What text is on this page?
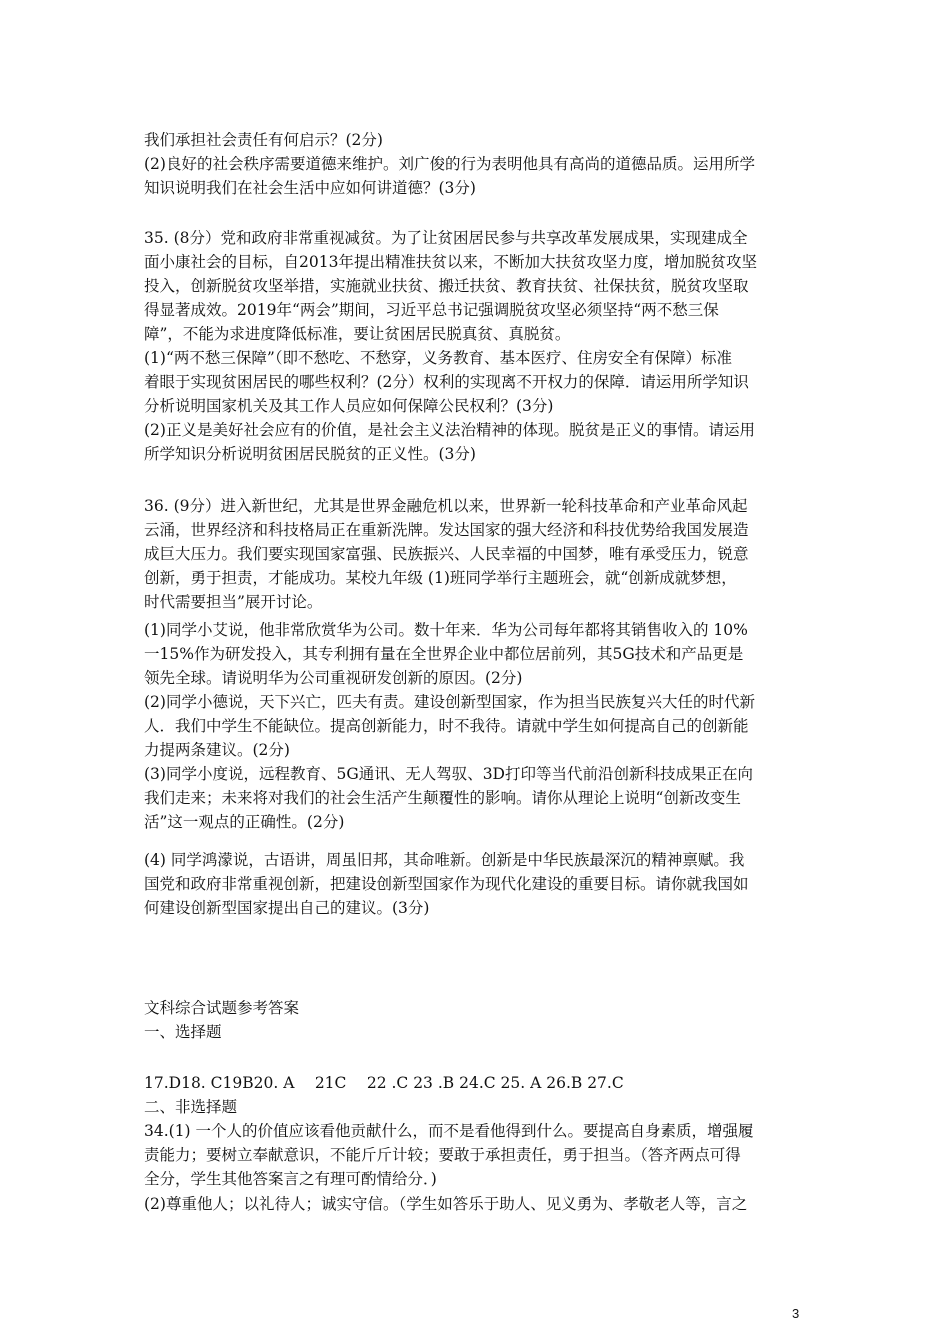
我们承担社会责任有何启示？(2分)
(2)良好的社会秩序需要道德来维护。刘广俊的行为表明他具有高尚的道德品质。运用所学
知识说明我们在社会生活中应如何讲道德？(3分)
35. (8分）党和政府非常重视减贫。为了让贫困居民参与共享改革发展成果，实现建成全
面小康社会的目标，自2013年提出精准扶贫以来，不断加大扶贫攻坚力度，增加脱贫攻坚
投入，创新脱贫攻坚举措，实施就业扶贫、搬迁扶贫、教育扶贫、社保扶贫，脱贫攻坚取
得显著成效。2019年“两会”期间，习近平总书记强调脱贫攻坚必须坚持“两不愁三保
障”，不能为求进度降低标准，要让贫困居民脱真贫、真脱贫。
(1)“两不愁三保障”（即不愁吃、不愁穿，义务教育、基本医疗、住房安全有保障）标准
着眼于实现贫困居民的哪些权利？(2分）权利的实现离不开权力的保障．请运用所学知识
分析说明国家机关及其工作人员应如何保障公民权利？(3分)
(2)正义是美好社会应有的价值，是社会主义法治精神的体现。脱贫是正义的事情。请运用
所学知识分析说明贫困居民脱贫的正义性。(3分)
36. (9分）进入新世纪，尤其是世界金融危机以来，世界新一轮科技革命和产业革命风起
云涌，世界经济和科技格局正在重新洗牌。发达国家的强大经济和科技优势给我国发展造
成巨大压力。我们要实现国家富强、民族振兴、人民幸福的中国梦，唯有承受压力，锐意
创新，勇于担责，才能成功。某校九年级 (1)班同学举行主题班会，就“创新成就梦想，
时代需要担当”展开讨论。
(1)同学小艾说，他非常欣赏华为公司。数十年来．华为公司每年都将其销售收入的 10%
一15%作为研发投入，其专利拥有量在全世界企业中都位居前列，其5G技术和产品更是
领先全球。请说明华为公司重视研发创新的原因。(2分)
(2)同学小德说，天下兴亡，匹夫有责。建设创新型国家，作为担当民族复兴大任的时代新
人．我们中学生不能缺位。提高创新能力，时不我待。请就中学生如何提高自己的创新能
力提两条建议。(2分)
(3)同学小度说，远程教育、5G通讯、无人驾驭、3D打印等当代前沿创新科技成果正在向
我们走来；未来将对我们的社会生活产生颠覆性的影响。请你从理论上说明“创新改变生
活”这一观点的正确性。(2分)
(4) 同学鸿濛说，古语讲，周虽旧邦，其命唯新。创新是中华民族最深沉的精神禀赋。我
国党和政府非常重视创新，把建设创新型国家作为现代化建设的重要目标。请你就我国如
何建设创新型国家提出自己的建议。(3分)
文科综合试题参考答案
一、选择题
17.D18. C19B20. A　 21C　 22 .C 23 .B 24.C 25. A 26.B 27.C
二、非选择题
34.(1) 一个人的价值应该看他贡献什么，而不是看他得到什么。要提高自身素质，增强履
责能力；要树立奉献意识，不能斤斤计较；要敢于承担责任，勇于担当。（答齐两点可得
全分，学生其他答案言之有理可酌情给分．)
(2)尊重他人；以礼待人；诚实守信。（学生如答乐于助人、见义勇为、孝敬老人等，言之
3
